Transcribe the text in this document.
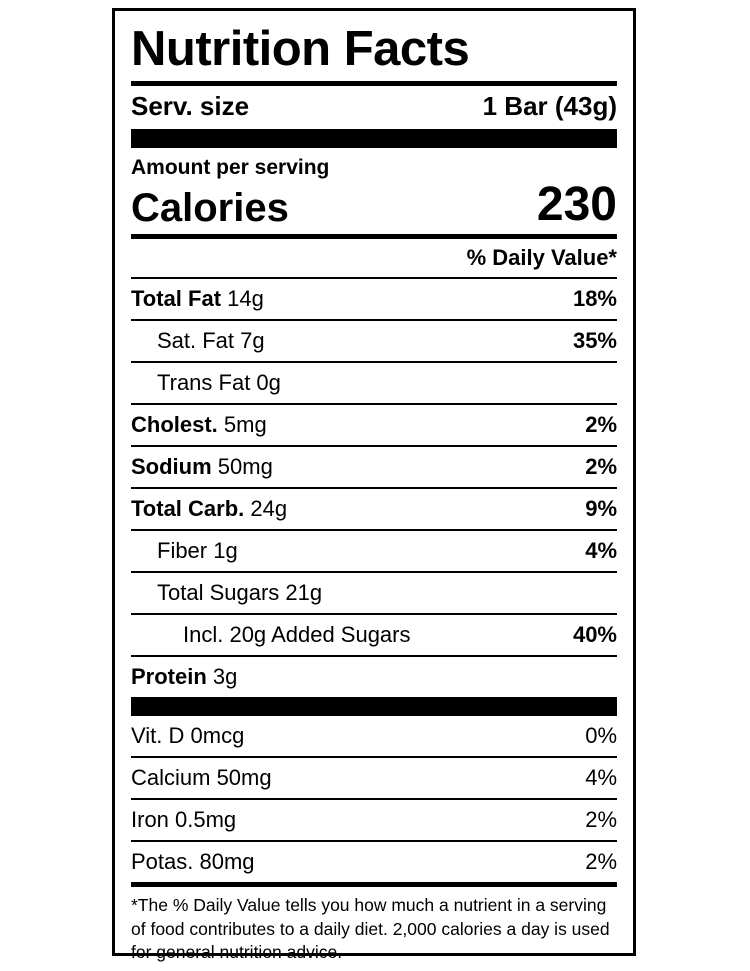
Nutrition Facts
Serv. size	1 Bar (43g)
Amount per serving
Calories	230
% Daily Value*
Total Fat 14g	18%
Sat. Fat 7g	35%
Trans Fat 0g
Cholest. 5mg	2%
Sodium 50mg	2%
Total Carb. 24g	9%
Fiber 1g	4%
Total Sugars 21g
Incl. 20g Added Sugars	40%
Protein 3g
Vit. D 0mcg	0%
Calcium 50mg	4%
Iron 0.5mg	2%
Potas. 80mg	2%
*The % Daily Value tells you how much a nutrient in a serving of food contributes to a daily diet. 2,000 calories a day is used for general nutrition advice.
